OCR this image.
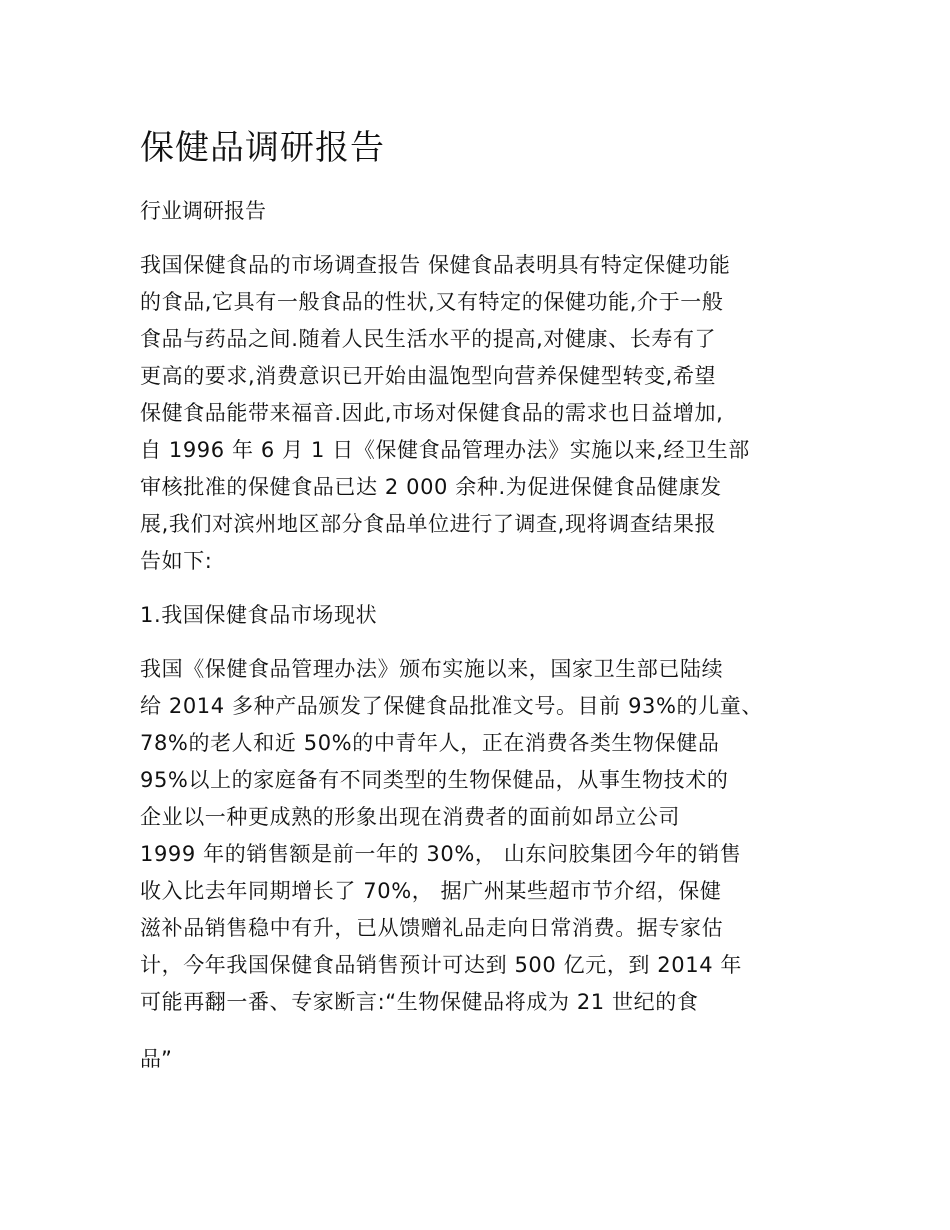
保健品调研报告

行业调研报告

我国保健食品的市场调查报告 保健食品表明具有特定保健功能
的食品,它具有一般食品的性状,又有特定的保健功能,介于一般
食品与药品之间.随着人民生活水平的提高,对健康、长寿有了
更高的要求,消费意识已开始由温饱型向营养保健型转变,希望
保健食品能带来福音.因此,市场对保健食品的需求也日益增加,
自 1996 年 6 月 1 日《保健食品管理办法》实施以来,经卫生部
审核批准的保健食品已达 2 000 余种.为促进保健食品健康发
展,我们对滨州地区部分食品单位进行了调查,现将调查结果报
告如下:
1.我国保健食品市场现状
我国《保健食品管理办法》颁布实施以来，国家卫生部已陆续
给 2014 多种产品颁发了保健食品批准文号。目前 93%的儿童、
78%的老人和近 50%的中青年人，正在消费各类生物保健品
95%以上的家庭备有不同类型的生物保健品，从事生物技术的
企业以一种更成熟的形象出现在消费者的面前如昂立公司
1999 年的销售额是前一年的 30%， 山东问胶集团今年的销售
收入比去年同期增长了 70%， 据广州某些超市节介绍，保健
滋补品销售稳中有升，已从馈赠礼品走向日常消费。据专家估
计，今年我国保健食品销售预计可达到 500 亿元，到 2014 年
可能再翻一番、专家断言:“生物保健品将成为 21 世纪的食

品”
